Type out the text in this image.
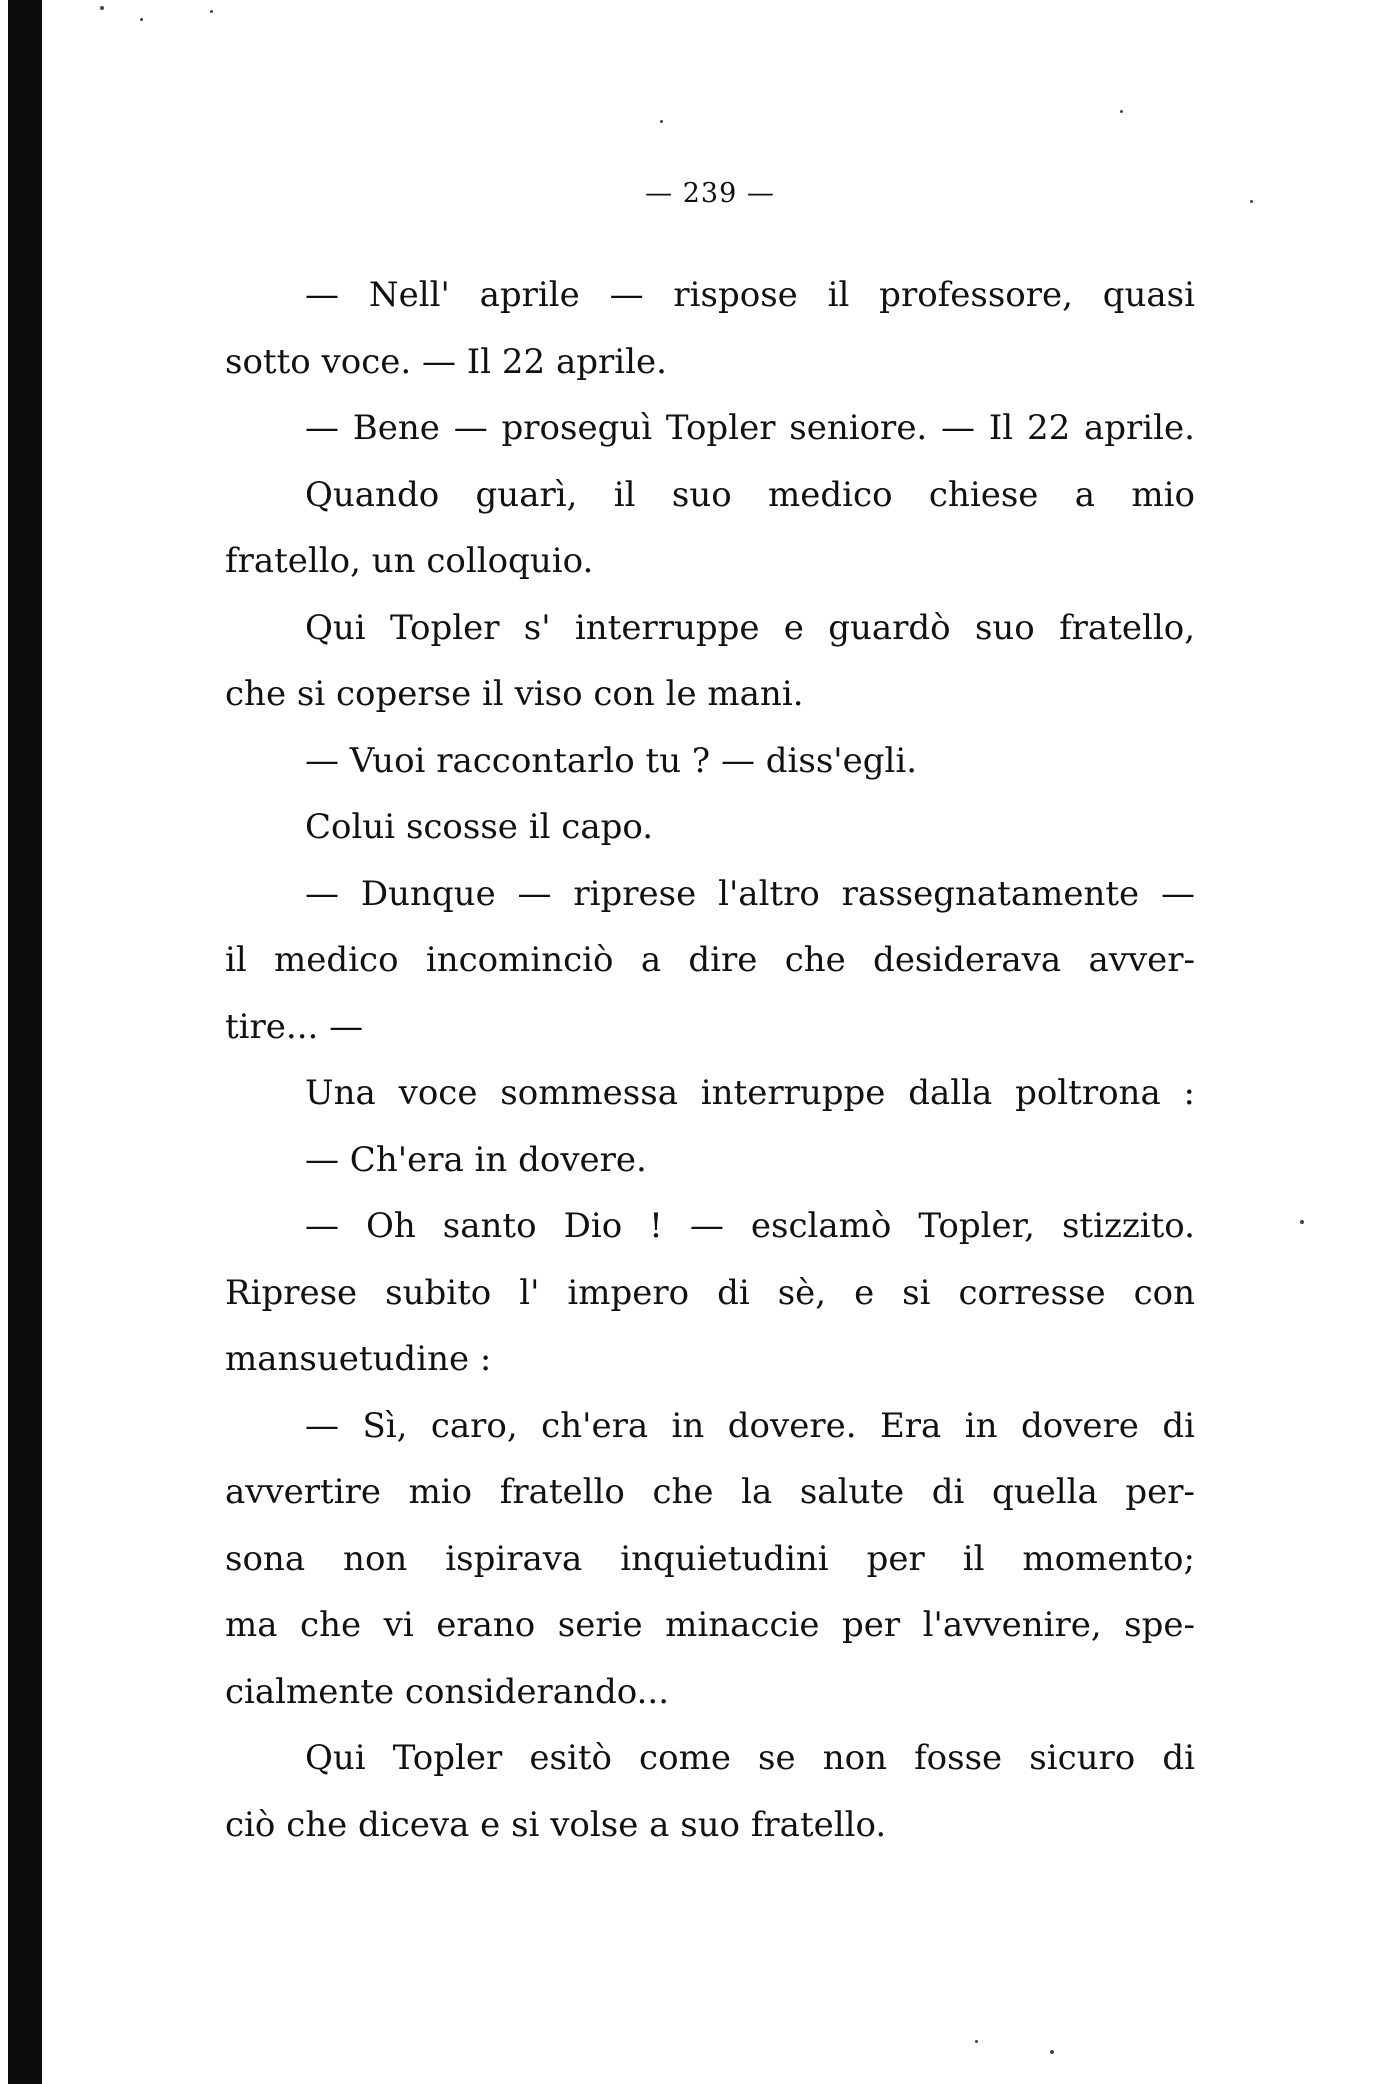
— 239 —
— Nell' aprile — rispose il professore, quasi
sotto voce. — Il 22 aprile.
— Bene — proseguì Topler seniore. — Il 22 aprile.
Quando guarì, il suo medico chiese a mio
fratello, un colloquio.
Qui Topler s' interruppe e guardò suo fratello,
che si coperse il viso con le mani.
— Vuoi raccontarlo tu ? — diss'egli.
Colui scosse il capo.
— Dunque — riprese l'altro rassegnatamente —
il medico incominciò a dire che desiderava avver-
tire... —
Una voce sommessa interruppe dalla poltrona :
— Ch'era in dovere.
— Oh santo Dio ! — esclamò Topler, stizzito.
Riprese subito l' impero di sè, e si corresse con
mansuetudine :
— Sì, caro, ch'era in dovere. Era in dovere di
avvertire mio fratello che la salute di quella per-
sona non ispirava inquietudini per il momento;
ma che vi erano serie minaccie per l'avvenire, spe-
cialmente considerando...
Qui Topler esitò come se non fosse sicuro di
ciò che diceva e si volse a suo fratello.
